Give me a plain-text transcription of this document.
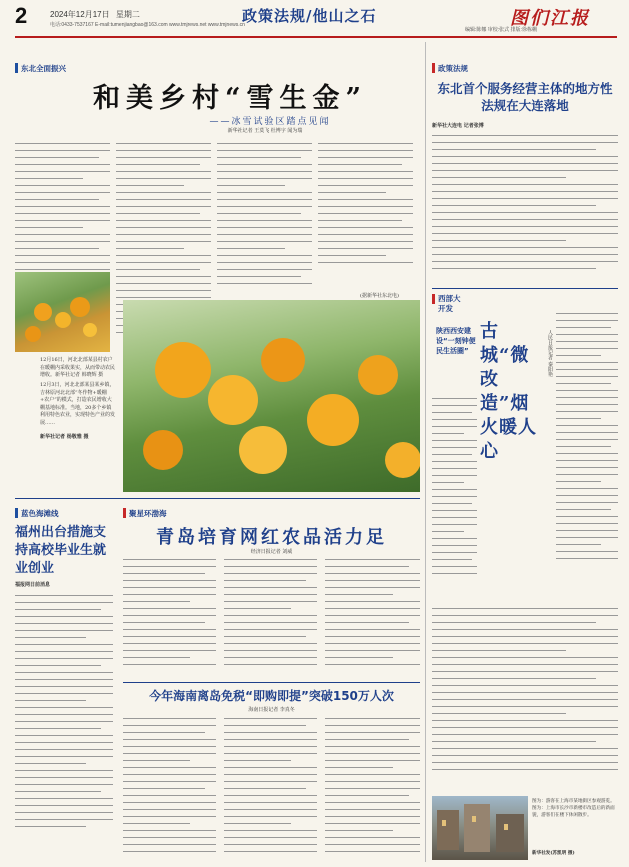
2	2024年12月17日 星期二
电话:0433-7537167 E-mail:tumenjiangbao@163.com www.tmjrews.net www.tmjnews.cn
政策法规/他山之石	图们江报
编辑:陈娜 审校:张式 排版:徐栋棚
东北全面振兴
和美乡村“雪生金”
——冰雪试验区踏点见闻
新华社记者 王莫飞 杜博宇 闻为瑞
(据新华社东北电)
12月16日，河北北部某县村农户在暖棚内采收果实，从而带动农民增收。新华社记者 韩晓辉 摄
12月3日，河北北部某县某乡镇，吉林原河北北部“冬作物+暖棚+农户”的模式，打造农民增收大棚基地标准。当地，20多个乡镇利用特色农业，实现特色产业的发展……
新华社记者 杨敬雅 摄
蓝色海滩线
福州出台措施支持高校毕业生就业创业
福报网日前消息
聚星环渤海
青岛培育网红农品活力足
经济日报记者 刘威
今年海南离岛免税“即购即提”突破150万人次
海南日报记者 李真冬
政策法规
东北首个服务经营主体的地方性法规在大连落地
新华社大连电 记者张博
西部大开发
陕西西安建设“一刻钟便民生活圈”
古城“微改造”烟火暖人心
人民日报记者 秦阳艳
图为：游客在上海市某地街区参观游览。图为：上海市长沙市新楼市改造后的新面貌，游客们在楼下休闲散步。
新华社发(苏凯明 摄)
